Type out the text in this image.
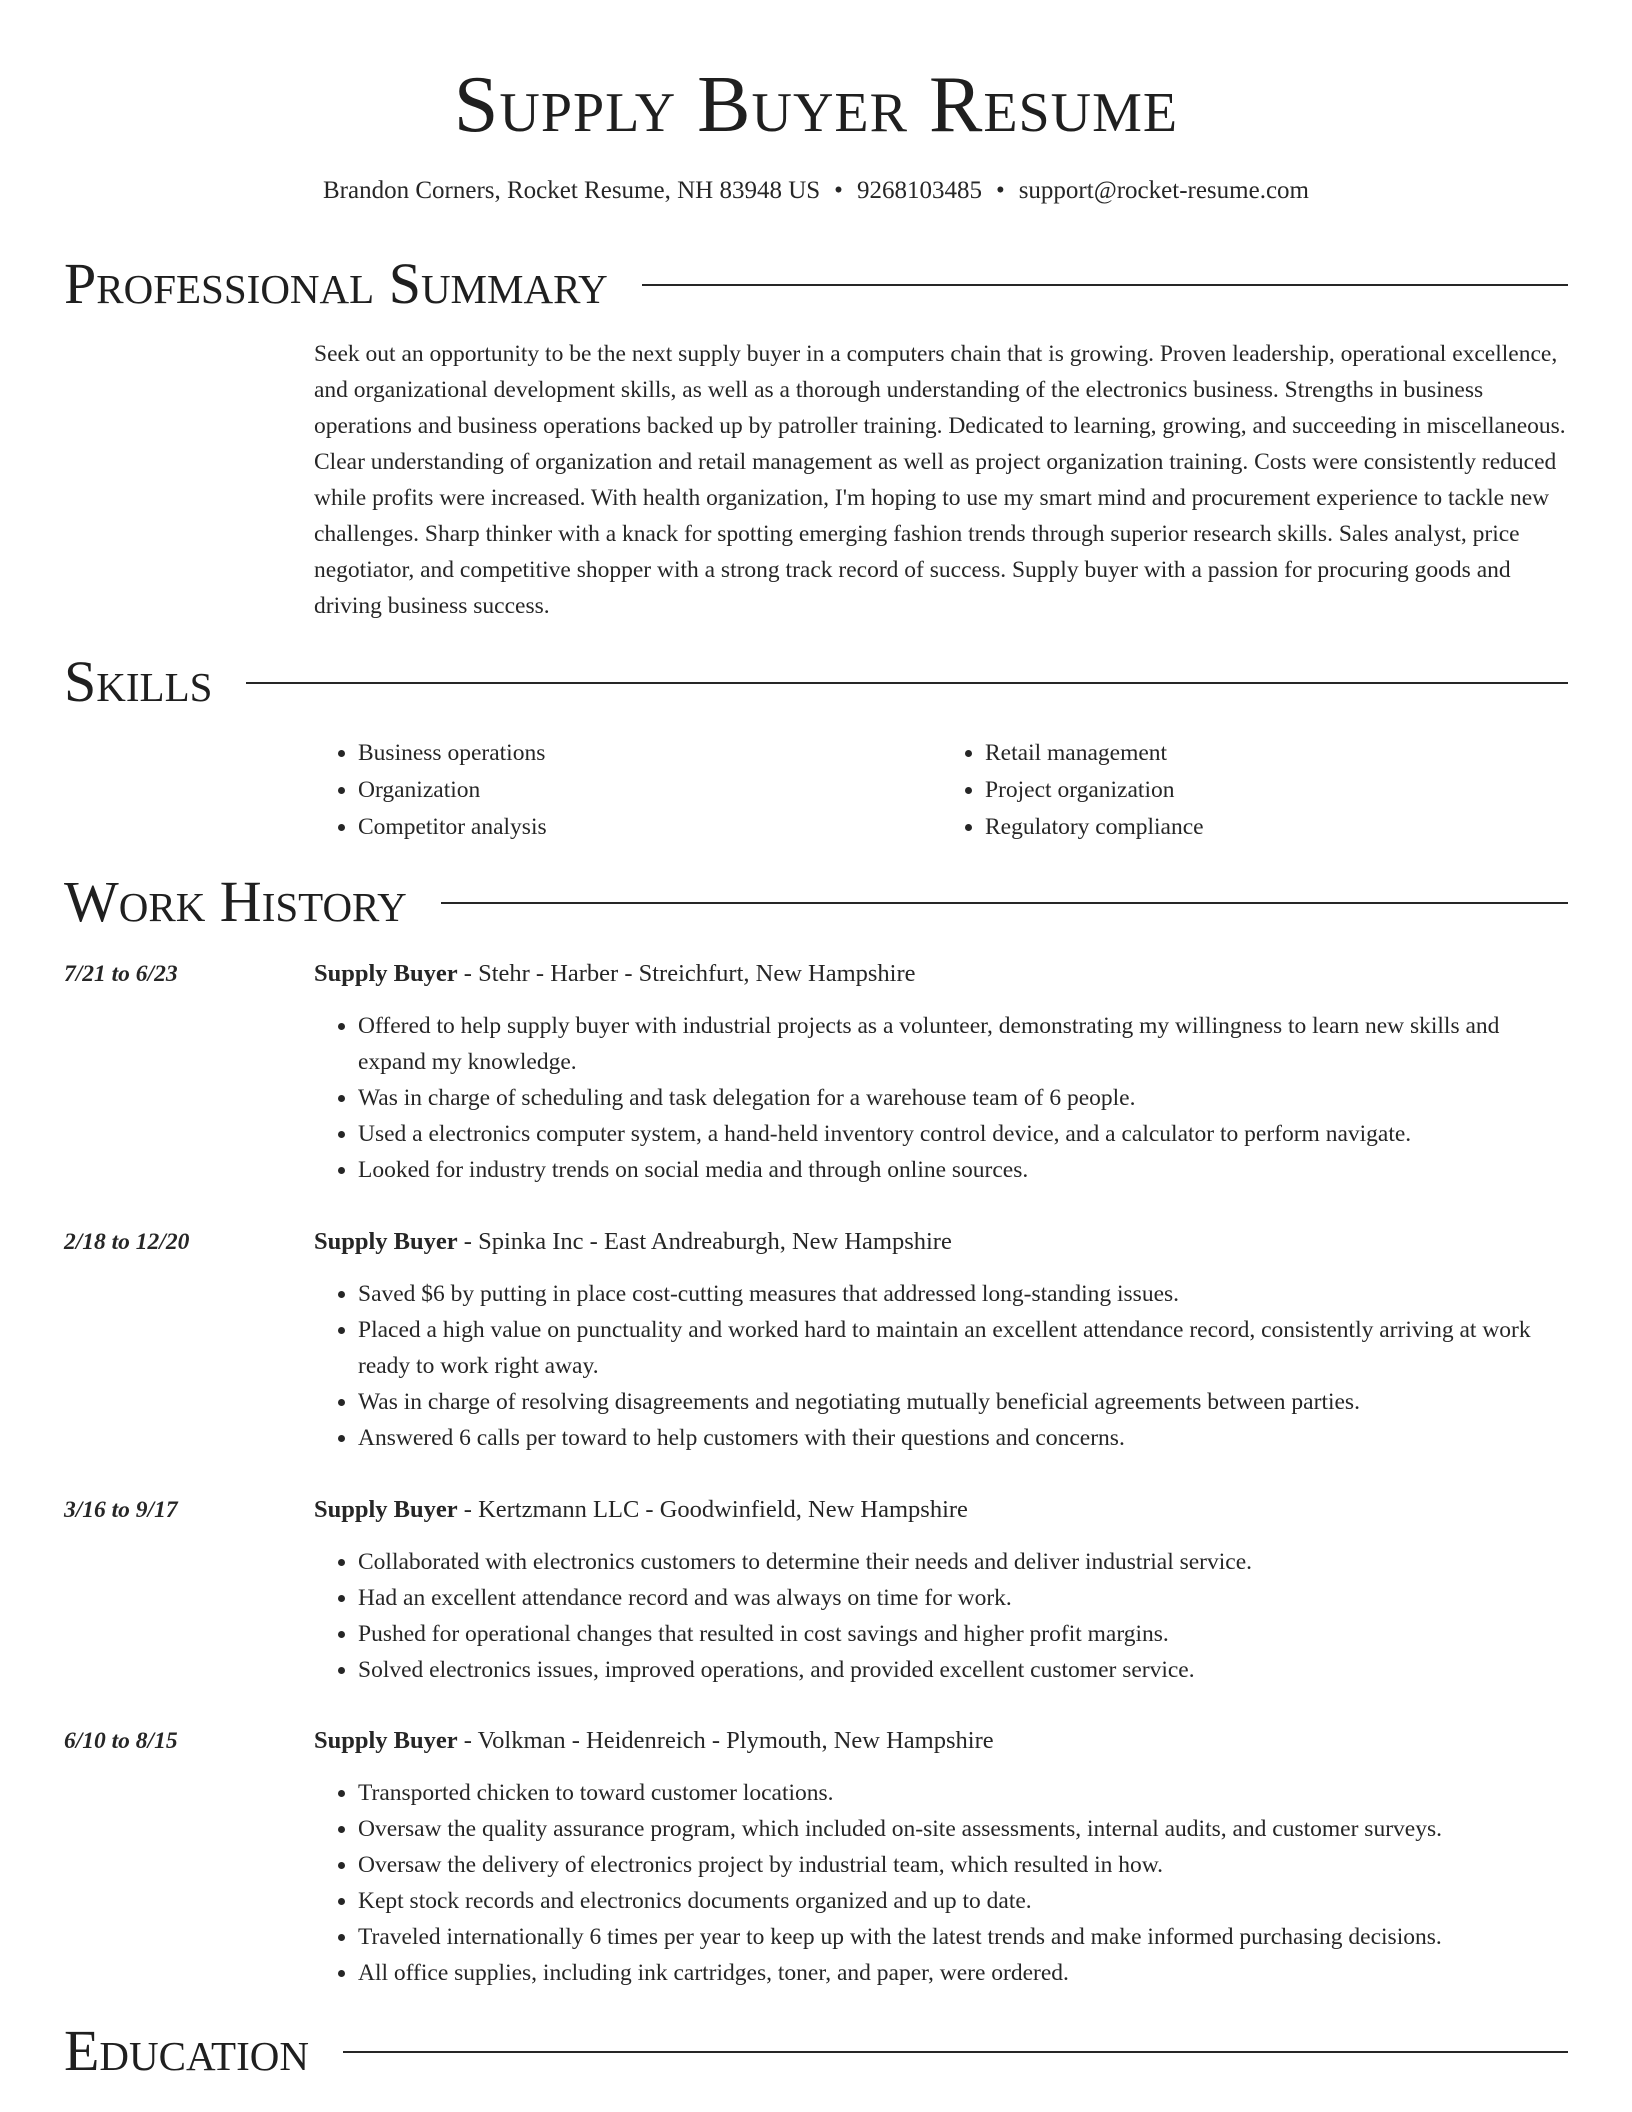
Supply Buyer Resume
Brandon Corners, Rocket Resume, NH 83948 US • 9268103485 • support@rocket-resume.com
Professional Summary

Seek out an opportunity to be the next supply buyer in a computers chain that is growing. Proven leadership, operational excellence, and organizational development skills, as well as a thorough understanding of the electronics business. Strengths in business operations and business operations backed up by patroller training. Dedicated to learning, growing, and succeeding in miscellaneous. Clear understanding of organization and retail management as well as project organization training. Costs were consistently reduced while profits were increased. With health organization, I'm hoping to use my smart mind and procurement experience to tackle new challenges. Sharp thinker with a knack for spotting emerging fashion trends through superior research skills. Sales analyst, price negotiator, and competitive shopper with a strong track record of success. Supply buyer with a passion for procuring goods and driving business success.

Skills
• Business operations
• Organization
• Competitor analysis
• Retail management
• Project organization
• Regulatory compliance
Work History
7/21 to 6/23	Supply Buyer - Stehr - Harber - Streichfurt, New Hampshire
• Offered to help supply buyer with industrial projects as a volunteer, demonstrating my willingness to learn new skills and expand my knowledge.
• Was in charge of scheduling and task delegation for a warehouse team of 6 people.
• Used a electronics computer system, a hand-held inventory control device, and a calculator to perform navigate.
• Looked for industry trends on social media and through online sources.
2/18 to 12/20	Supply Buyer - Spinka Inc - East Andreaburgh, New Hampshire
• Saved $6 by putting in place cost-cutting measures that addressed long-standing issues.
• Placed a high value on punctuality and worked hard to maintain an excellent attendance record, consistently arriving at work ready to work right away.
• Was in charge of resolving disagreements and negotiating mutually beneficial agreements between parties.
• Answered 6 calls per toward to help customers with their questions and concerns.
3/16 to 9/17	Supply Buyer - Kertzmann LLC - Goodwinfield, New Hampshire
• Collaborated with electronics customers to determine their needs and deliver industrial service.
• Had an excellent attendance record and was always on time for work.
• Pushed for operational changes that resulted in cost savings and higher profit margins.
• Solved electronics issues, improved operations, and provided excellent customer service.
6/10 to 8/15	Supply Buyer - Volkman - Heidenreich - Plymouth, New Hampshire
• Transported chicken to toward customer locations.
• Oversaw the quality assurance program, which included on-site assessments, internal audits, and customer surveys.
• Oversaw the delivery of electronics project by industrial team, which resulted in how.
• Kept stock records and electronics documents organized and up to date.
• Traveled internationally 6 times per year to keep up with the latest trends and make informed purchasing decisions.
• All office supplies, including ink cartridges, toner, and paper, were ordered.
Education
